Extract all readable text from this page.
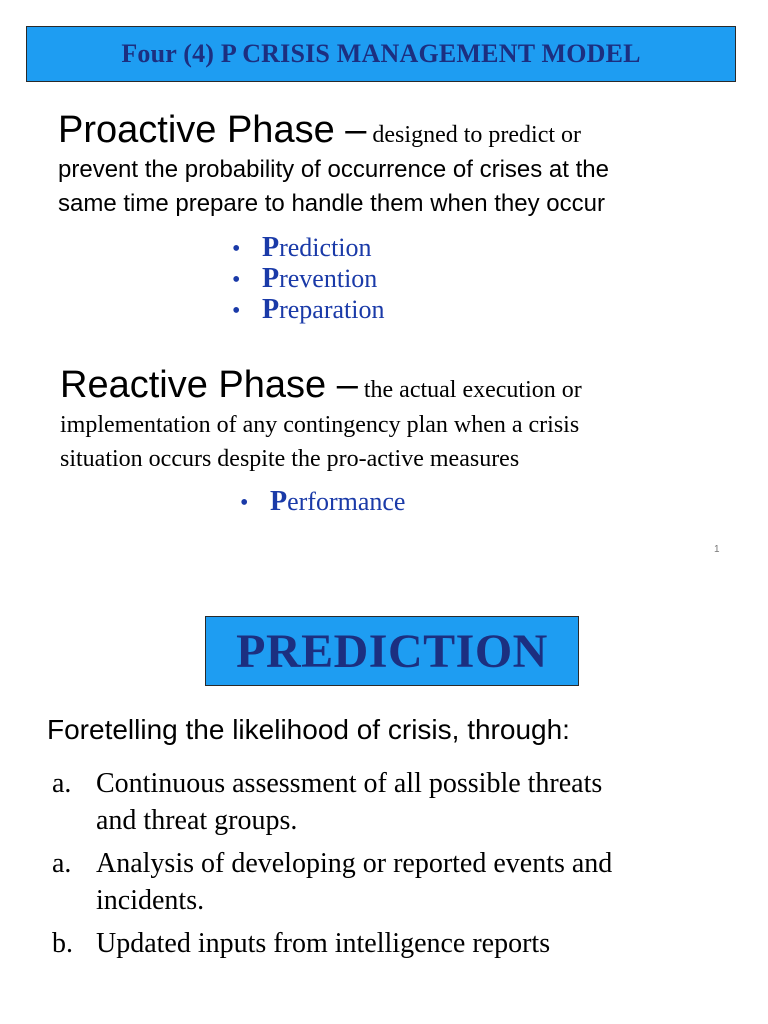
Four (4) P CRISIS MANAGEMENT MODEL
Proactive Phase – designed to predict or
prevent the probability of occurrence of crises at the
same time prepare to handle them when they occur
• P rediction
• P revention
• P reparation
Reactive Phase – the actual execution or
implementation of any contingency plan when a crisis
situation occurs despite the pro-active measures
• P erformance
1
PREDICTION
Foretelling the likelihood of crisis, through:
a. Continuous assessment of all possible threats
and threat groups.
a. Analysis of developing or reported events and
incidents.
b. Updated inputs from intelligence reports
